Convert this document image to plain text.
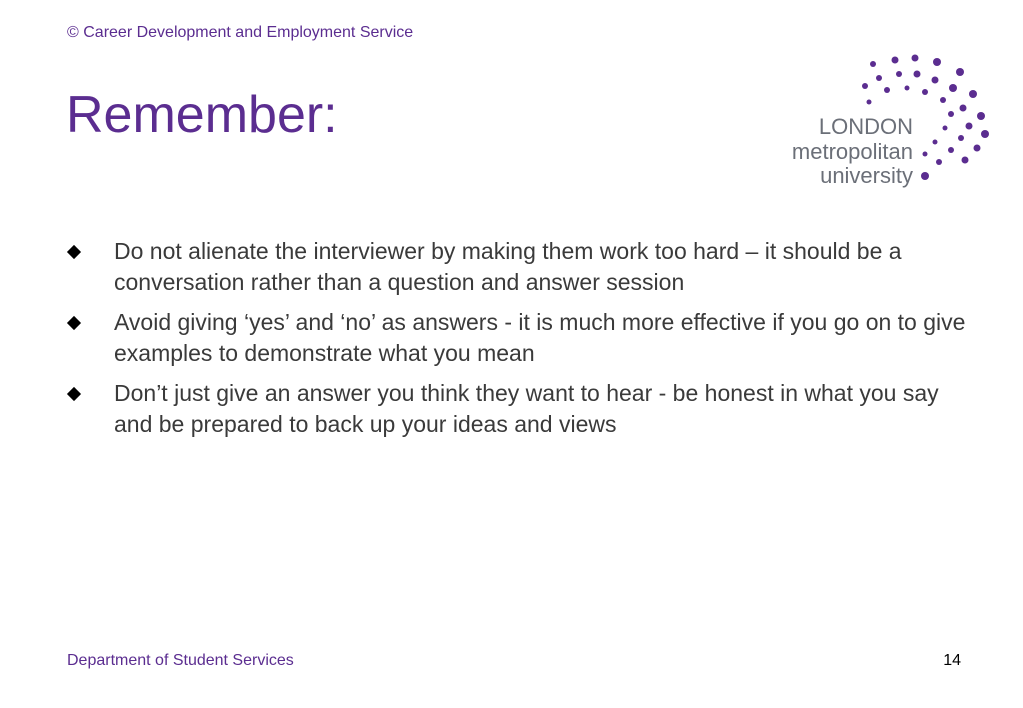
© Career Development and Employment Service
Remember:	LONDON
metropolitan
university
Do not alienate the interviewer by making them work too hard – it should be a conversation rather than a question and answer session
Avoid giving ‘yes’ and ‘no’ as answers - it is much more effective if you go on to give examples to demonstrate what you mean
Don’t just give an answer you think they want to hear - be honest in what you say and be prepared to back up your ideas and views
Department of Student Services	14
